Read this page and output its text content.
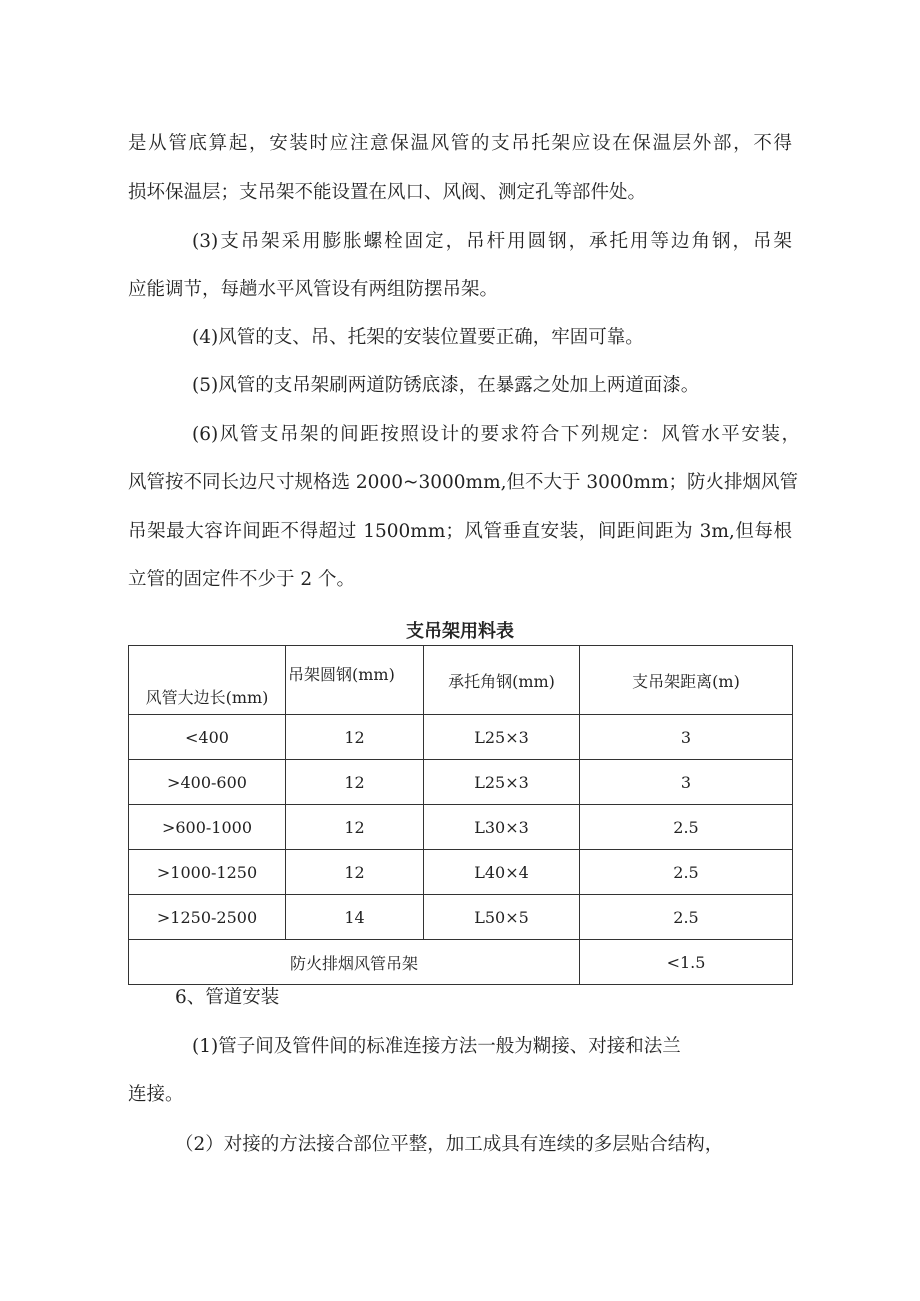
是从管底算起，安装时应注意保温风管的支吊托架应设在保温层外部，不得
损坏保温层；支吊架不能设置在风口、风阀、测定孔等部件处。
(3)支吊架采用膨胀螺栓固定，吊杆用圆钢，承托用等边角钢，吊架
应能调节，每趟水平风管设有两组防摆吊架。
(4)风管的支、吊、托架的安装位置要正确，牢固可靠。
(5)风管的支吊架刷两道防锈底漆，在暴露之处加上两道面漆。
(6)风管支吊架的间距按照设计的要求符合下列规定：风管水平安装，
风管按不同长边尺寸规格选 2000~3000mm,但不大于 3000mm；防火排烟风管
吊架最大容许间距不得超过 1500mm；风管垂直安装，间距间距为 3m,但每根
立管的固定件不少于 2 个。
支吊架用料表
风管大边长(mm)	吊架圆钢(mm)	承托角钢(mm)	支吊架距离(m)
<400	12	L25×3	3
>400-600	12	L25×3	3
>600-1000	12	L30×3	2.5
>1000-1250	12	L40×4	2.5
>1250-2500	14	L50×5	2.5
防火排烟风管吊架			<1.5
6、管道安装
(1)管子间及管件间的标准连接方法一般为糊接、对接和法兰
连接。
（2）对接的方法接合部位平整，加工成具有连续的多层贴合结构，
